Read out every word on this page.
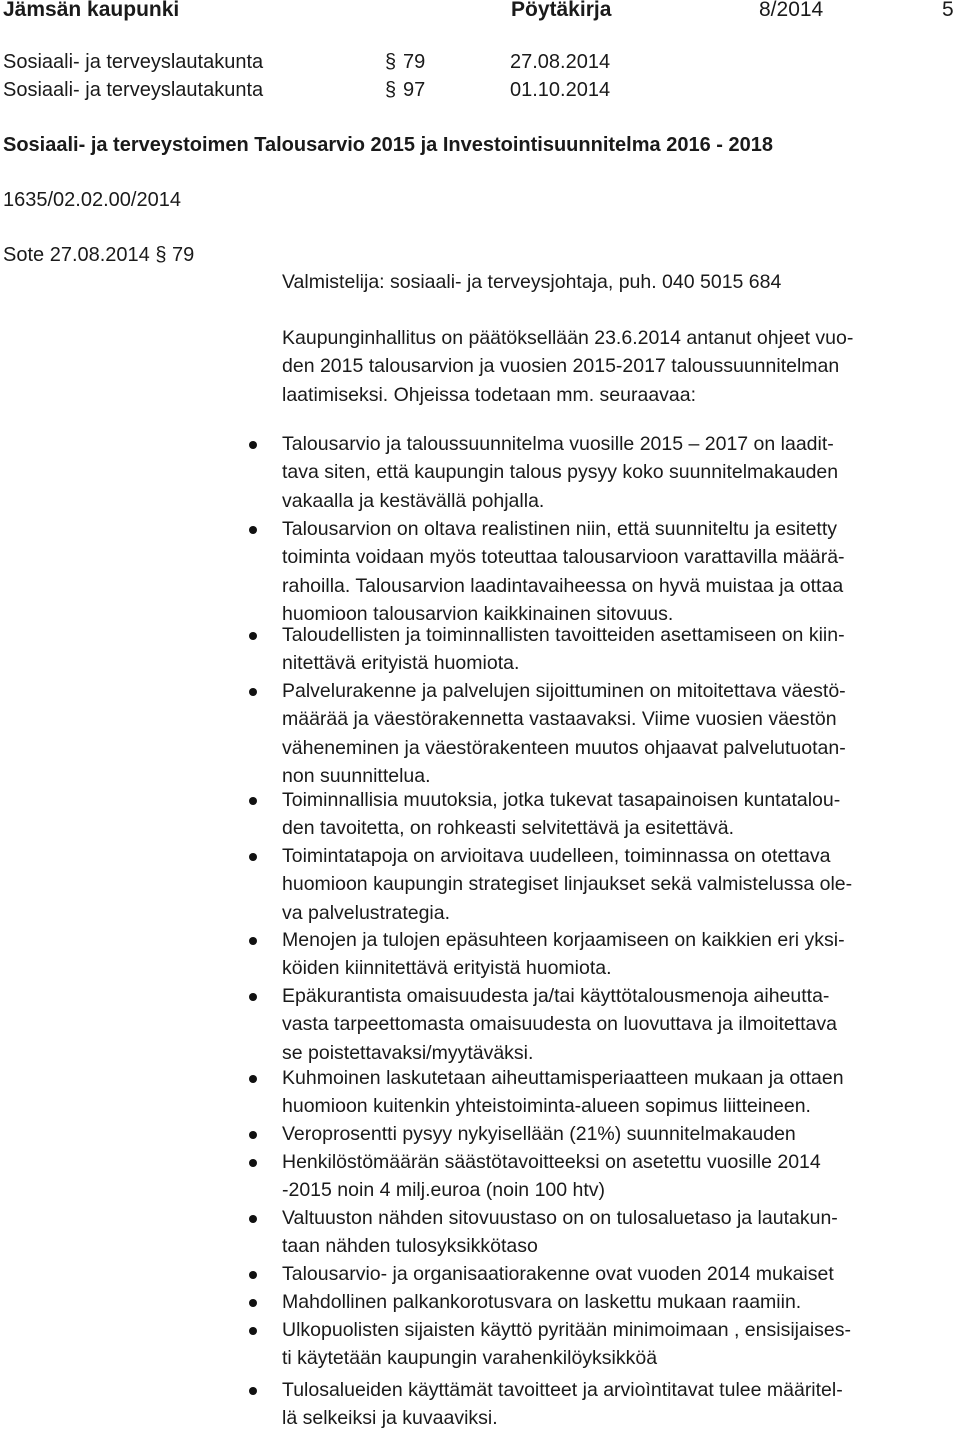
Jämsän kaupunki	Pöytäkirja	8/2014	5
Sosiaali- ja terveyslautakunta	§ 79	27.08.2014
Sosiaali- ja terveyslautakunta	§ 97	01.10.2014
Sosiaali- ja terveystoimen Talousarvio 2015 ja Investointisuunnitelma 2016 - 2018
1635/02.02.00/2014
Sote 27.08.2014 § 79
Valmistelija: sosiaali- ja terveysjohtaja, puh. 040 5015 684
Kaupunginhallitus on päätöksellään 23.6.2014 antanut ohjeet vuo-
den 2015 talousarvion ja vuosien 2015-2017 taloussuunnitelman
laatimiseksi. Ohjeissa todetaan mm. seuraavaa:
Talousarvio ja taloussuunnitelma vuosille 2015 – 2017 on laadit-
tava siten, että kaupungin talous pysyy koko suunnitelmakauden
vakaalla ja kestävällä pohjalla.
Talousarvion on oltava realistinen niin, että suunniteltu ja esitetty
toiminta voidaan myös toteuttaa talousarvioon varattavilla määrä-
rahoilla. Talousarvion laadintavaiheessa on hyvä muistaa ja ottaa
huomioon talousarvion kaikkinainen sitovuus.
Taloudellisten ja toiminnallisten tavoitteiden asettamiseen on kiin-
nitettävä erityistä huomiota.
Palvelurakenne ja palvelujen sijoittuminen on mitoitettava väestö-
määrää ja väestörakennetta vastaavaksi. Viime vuosien väestön
väheneminen ja väestörakenteen muutos ohjaavat palvelutuotan-
non suunnittelua.
Toiminnallisia muutoksia, jotka tukevat tasapainoisen kuntatalou-
den tavoitetta, on rohkeasti selvitettävä ja esitettävä.
Toimintatapoja on arvioitava uudelleen, toiminnassa on otettava
huomioon kaupungin strategiset linjaukset sekä valmistelussa ole-
va palvelustrategia.
Menojen ja tulojen epäsuhteen korjaamiseen on kaikkien eri yksi-
köiden kiinnitettävä erityistä huomiota.
Epäkurantista omaisuudesta ja/tai käyttötalousmenoja aiheutta-
vasta tarpeettomasta omaisuudesta on luovuttava ja ilmoitettava
se poistettavaksi/myytäväksi.
Kuhmoinen laskutetaan aiheuttamisperiaatteen mukaan ja ottaen
huomioon kuitenkin yhteistoiminta-alueen sopimus liitteineen.
Veroprosentti pysyy nykyisellään (21%) suunnitelmakauden
Henkilöstömäärän säästötavoitteeksi on asetettu vuosille 2014
-2015 noin 4 milj.euroa (noin 100 htv)
Valtuuston nähden sitovuustaso on on tulosaluetaso ja lautakun-
taan nähden tulosyksikkötaso
Talousarvio- ja organisaatiorakenne ovat vuoden 2014 mukaiset
Mahdollinen palkankorotusvara on laskettu mukaan raamiin.
Ulkopuolisten sijaisten käyttö pyritään minimoimaan , ensisijaises-
ti käytetään kaupungin varahenkilöyksikköä
Tulosalueiden käyttämät tavoitteet ja arvioìntitavat tulee määritel-
lä selkeiksi ja kuvaaviksi.
